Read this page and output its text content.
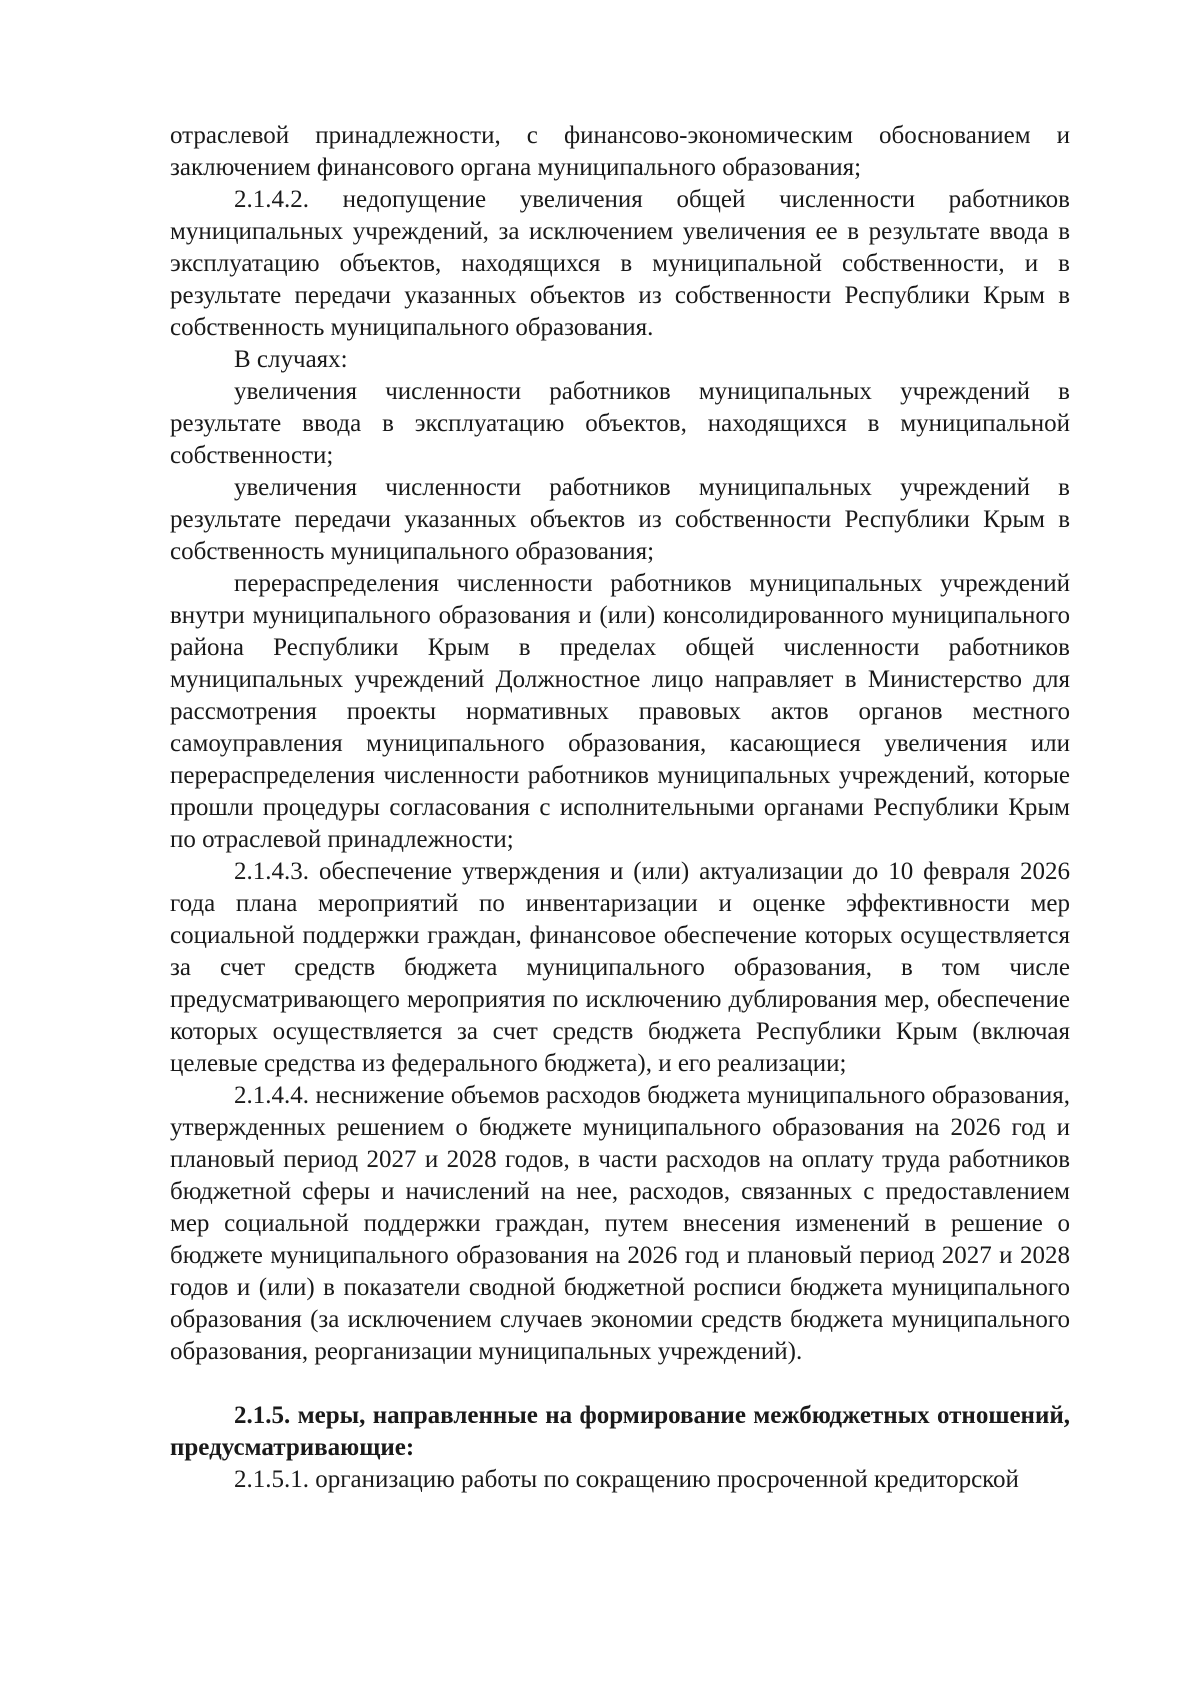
отраслевой принадлежности, с финансово-экономическим обоснованием и заключением финансового органа муниципального образования;

2.1.4.2. недопущение увеличения общей численности работников муниципальных учреждений, за исключением увеличения ее в результате ввода в эксплуатацию объектов, находящихся в муниципальной собственности, и в результате передачи указанных объектов из собственности Республики Крым в собственность муниципального образования.

В случаях:

увеличения численности работников муниципальных учреждений в результате ввода в эксплуатацию объектов, находящихся в муниципальной собственности;

увеличения численности работников муниципальных учреждений в результате передачи указанных объектов из собственности Республики Крым в собственность муниципального образования;

перераспределения численности работников муниципальных учреждений внутри муниципального образования и (или) консолидированного муниципального района Республики Крым в пределах общей численности работников муниципальных учреждений Должностное лицо направляет в Министерство для рассмотрения проекты нормативных правовых актов органов местного самоуправления муниципального образования, касающиеся увеличения или перераспределения численности работников муниципальных учреждений, которые прошли процедуры согласования с исполнительными органами Республики Крым по отраслевой принадлежности;

2.1.4.3. обеспечение утверждения и (или) актуализации до 10 февраля 2026 года плана мероприятий по инвентаризации и оценке эффективности мер социальной поддержки граждан, финансовое обеспечение которых осуществляется за счет средств бюджета муниципального образования, в том числе предусматривающего мероприятия по исключению дублирования мер, обеспечение которых осуществляется за счет средств бюджета Республики Крым (включая целевые средства из федерального бюджета), и его реализации;

2.1.4.4. неснижение объемов расходов бюджета муниципального образования, утвержденных решением о бюджете муниципального образования на 2026 год и плановый период 2027 и 2028 годов, в части расходов на оплату труда работников бюджетной сферы и начислений на нее, расходов, связанных с предоставлением мер социальной поддержки граждан, путем внесения изменений в решение о бюджете муниципального образования на 2026 год и плановый период 2027 и 2028 годов и (или) в показатели сводной бюджетной росписи бюджета муниципального образования (за исключением случаев экономии средств бюджета муниципального образования, реорганизации муниципальных учреждений).

2.1.5. меры, направленные на формирование межбюджетных отношений, предусматривающие:

2.1.5.1. организацию работы по сокращению просроченной кредиторской
